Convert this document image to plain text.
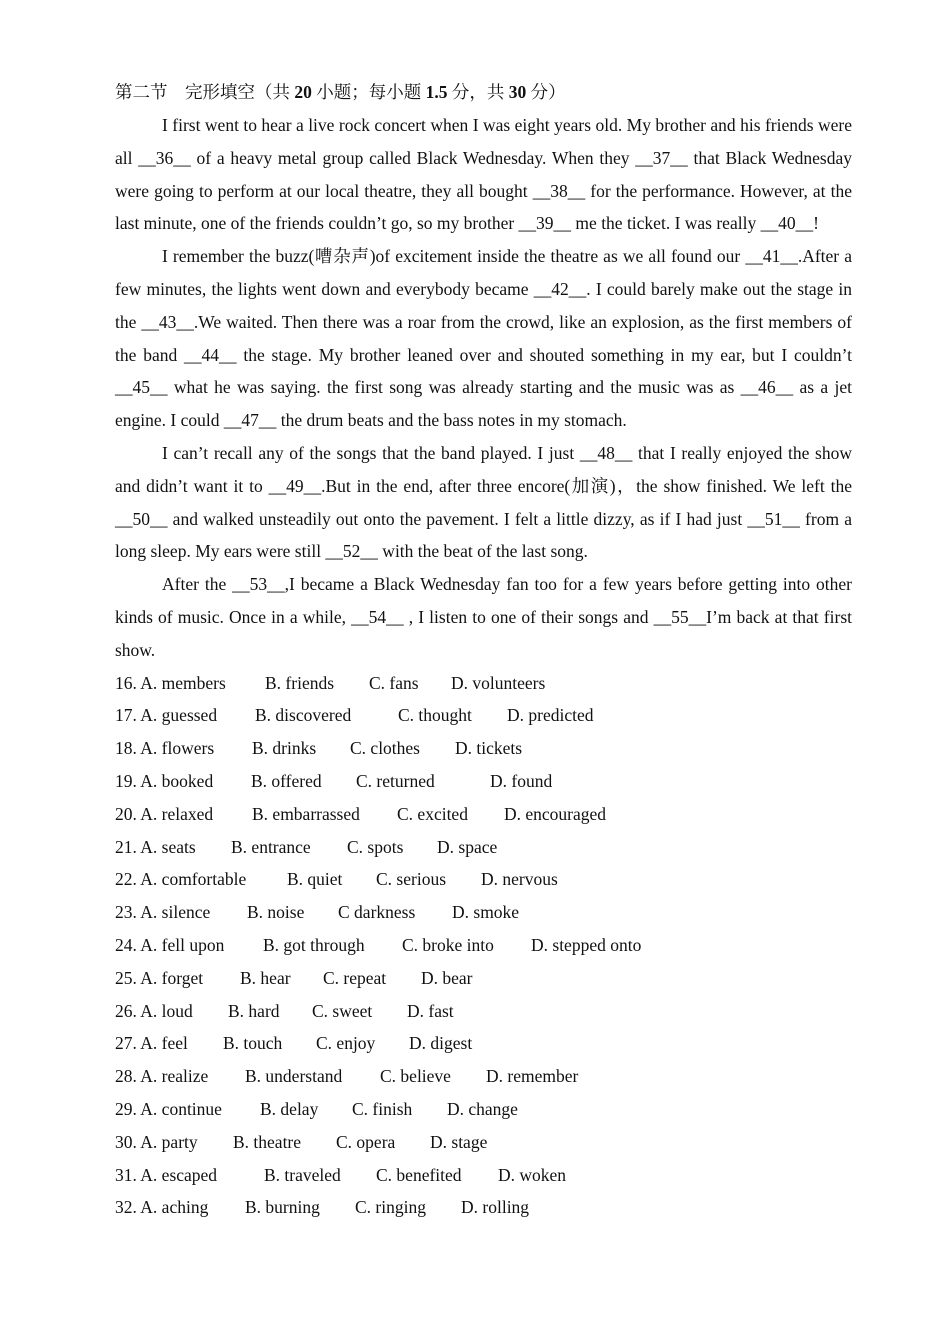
第二节　完形填空（共 20 小题；每小题 1.5 分，共 30 分）

I first went to hear a live rock concert when I was eight years old. My brother and his friends were all __36__ of a heavy metal group called Black Wednesday. When they __37__ that Black Wednesday were going to perform at our local theatre, they all bought __38__ for the performance. However, at the last minute, one of the friends couldn’t go, so my brother __39__ me the ticket. I was really __40__!

I remember the buzz(嘈杂声)of excitement inside the theatre as we all found our __41__.After a few minutes, the lights went down and everybody became __42__. I could barely make out the stage in the __43__.We waited. Then there was a roar from the crowd, like an explosion, as the first members of the band __44__ the stage. My brother leaned over and shouted something in my ear, but I couldn’t __45__ what he was saying. the first song was already starting and the music was as __46__ as a jet engine. I could __47__ the drum beats and the bass notes in my stomach.

I can’t recall any of the songs that the band played. I just __48__ that I really enjoyed the show and didn’t want it to __49__.But in the end, after three encore(加演)，the show finished. We left the __50__ and walked unsteadily out onto the pavement. I felt a little dizzy, as if I had just __51__ from a long sleep. My ears were still __52__ with the beat of the last song.

After the __53__,I became a Black Wednesday fan too for a few years before getting into other kinds of music. Once in a while, __54__ , I listen to one of their songs and __55__I’m back at that first show.

16. A. members B. friends C. fans D. volunteers
17. A. guessed B. discovered	C. thought D. predicted
18. A. flowers B. drinks C. clothes D. tickets
19. A. booked B. offered C. returned	D. found
20. A. relaxed B. embarrassed C. excited D. encouraged
21. A. seats B. entrance C. spots D. space
22. A. comfortable B. quiet C. serious D. nervous
23. A. silence B. noise C darkness D. smoke
24. A. fell upon B. got through C. broke into D. stepped onto
25. A. forget B. hear C. repeat D. bear
26. A. loud B. hard C. sweet D. fast
27. A. feel B. touch C. enjoy D. digest
28. A. realize B. understand C. believe D. remember
29. A. continue B. delay C. finish D. change
30. A. party B. theatre C. opera D. stage
31. A. escaped	B. traveled C. benefited D. woken
32. A. aching B. burning C. ringing D. rolling
